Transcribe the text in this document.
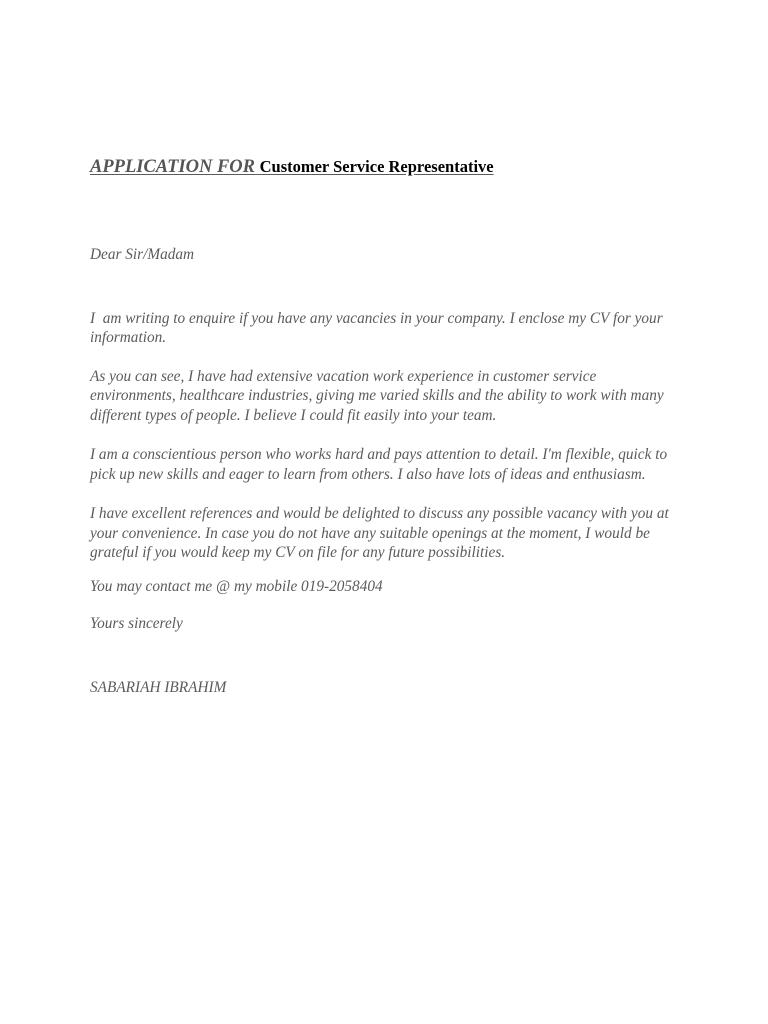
APPLICATION FOR Customer Service Representative

Dear Sir/Madam

I  am writing to enquire if you have any vacancies in your company. I enclose my CV for your information.

As you can see, I have had extensive vacation work experience in customer service environments, healthcare industries, giving me varied skills and the ability to work with many different types of people. I believe I could fit easily into your team.

I am a conscientious person who works hard and pays attention to detail. I'm flexible, quick to pick up new skills and eager to learn from others. I also have lots of ideas and enthusiasm.

I have excellent references and would be delighted to discuss any possible vacancy with you at your convenience. In case you do not have any suitable openings at the moment, I would be grateful if you would keep my CV on file for any future possibilities.

You may contact me @ my mobile 019-2058404

Yours sincerely

SABARIAH IBRAHIM
